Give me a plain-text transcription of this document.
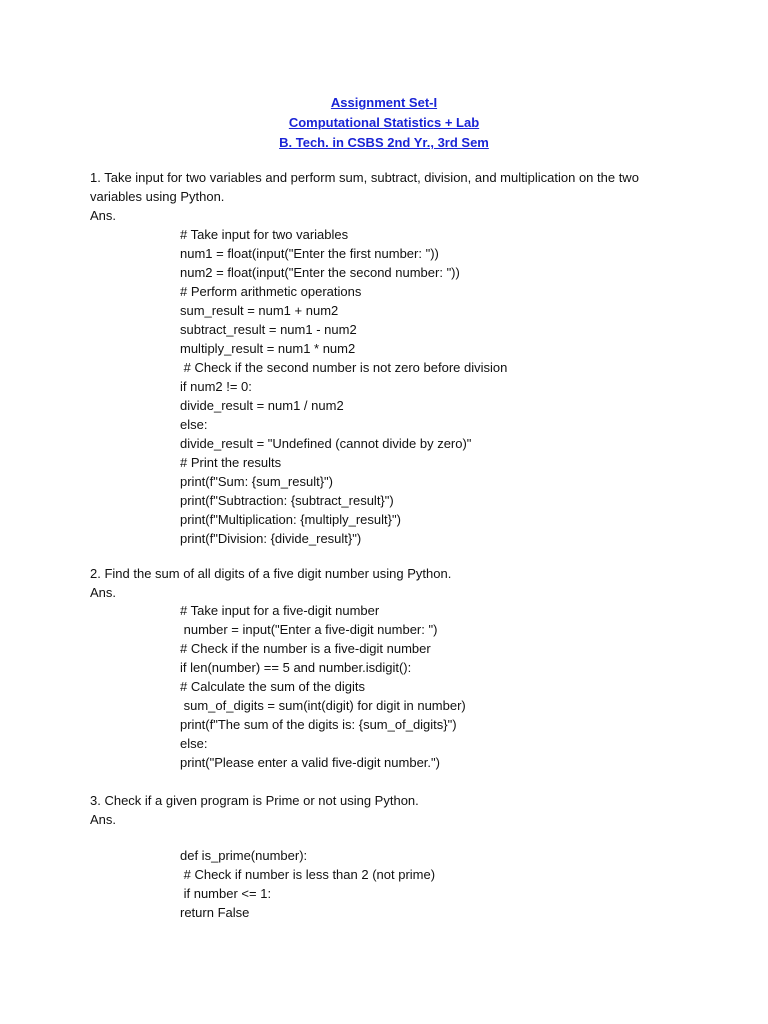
Assignment Set-I
Computational Statistics + Lab
B. Tech. in CSBS 2nd Yr., 3rd Sem
1. Take input for two variables and perform sum, subtract, division, and multiplication on the two
variables using Python.
Ans.
# Take input for two variables
num1 = float(input("Enter the first number: "))
num2 = float(input("Enter the second number: "))
# Perform arithmetic operations
sum_result = num1 + num2
subtract_result = num1 - num2
multiply_result = num1 * num2
# Check if the second number is not zero before division
if num2 != 0:
divide_result = num1 / num2
else:
divide_result = "Undefined (cannot divide by zero)"
# Print the results
print(f"Sum: {sum_result}")
print(f"Subtraction: {subtract_result}")
print(f"Multiplication: {multiply_result}")
print(f"Division: {divide_result}")
2. Find the sum of all digits of a five digit number using Python.
Ans.
# Take input for a five-digit number
number = input("Enter a five-digit number: ")
# Check if the number is a five-digit number
if len(number) == 5 and number.isdigit():
# Calculate the sum of the digits
sum_of_digits = sum(int(digit) for digit in number)
print(f"The sum of the digits is: {sum_of_digits}")
else:
print("Please enter a valid five-digit number.")
3. Check if a given program is Prime or not using Python.
Ans.
def is_prime(number):
# Check if number is less than 2 (not prime)
if number <= 1:
return False
